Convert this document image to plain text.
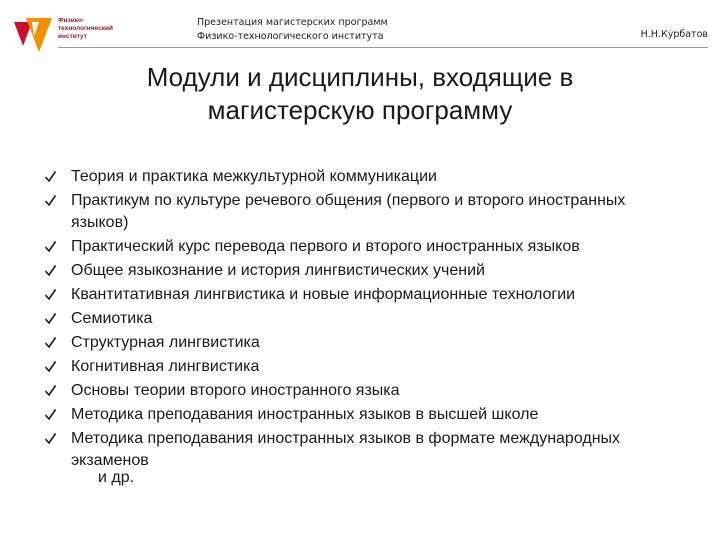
Физико-
технологический
институт
Презентация магистерских программ
Физико-технологического института	Н.Н.Курбатов
Модули и дисциплины, входящие в
магистерскую программу
Теория и практика межкультурной коммуникации
Практикум по культуре речевого общения (первого и второго иностранных языков)
Практический курс перевода первого и второго иностранных языков
Общее языкознание и история лингвистических учений
Квантитативная лингвистика и новые информационные технологии
Семиотика
Структурная лингвистика
Когнитивная лингвистика
Основы теории второго иностранного языка
Методика преподавания иностранных языков в высшей школе
Методика преподавания иностранных языков в формате международных экзаменов
и др.
